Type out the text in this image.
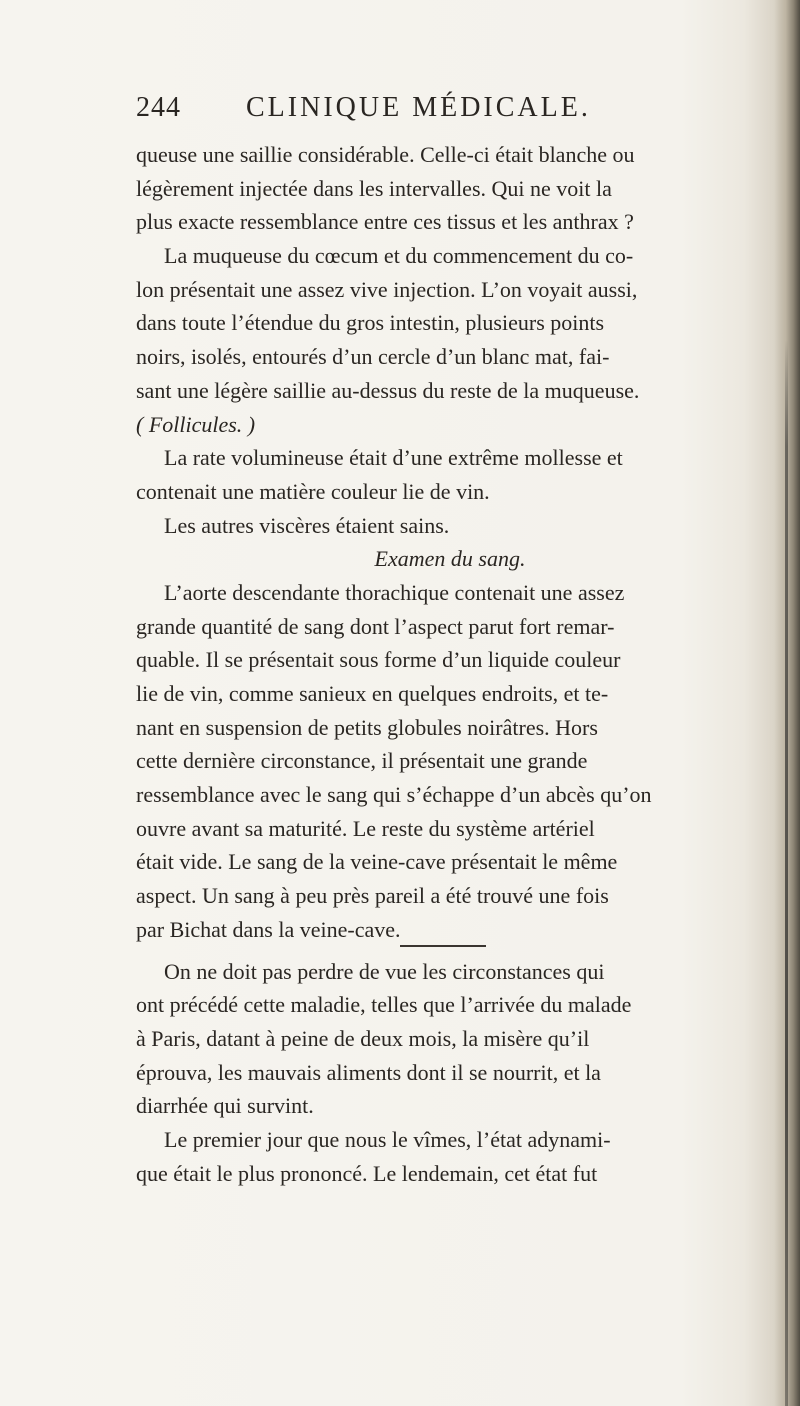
244 CLINIQUE MÉDICALE.
queuse une saillie considérable. Celle-ci était blanche ou
légèrement injectée dans les intervalles. Qui ne voit la
plus exacte ressemblance entre ces tissus et les anthrax ?
La muqueuse du cœcum et du commencement du co-
lon présentait une assez vive injection. L’on voyait aussi,
dans toute l’étendue du gros intestin, plusieurs points
noirs, isolés, entourés d’un cercle d’un blanc mat, fai-
sant une légère saillie au-dessus du reste de la muqueuse.
( Follicules. )
La rate volumineuse était d’une extrême mollesse et
contenait une matière couleur lie de vin.
Les autres viscères étaient sains.
Examen du sang.
L’aorte descendante thorachique contenait une assez
grande quantité de sang dont l’aspect parut fort remar-
quable. Il se présentait sous forme d’un liquide couleur
lie de vin, comme sanieux en quelques endroits, et te-
nant en suspension de petits globules noirâtres. Hors
cette dernière circonstance, il présentait une grande
ressemblance avec le sang qui s’échappe d’un abcès qu’on
ouvre avant sa maturité. Le reste du système artériel
était vide. Le sang de la veine-cave présentait le même
aspect. Un sang à peu près pareil a été trouvé une fois
par Bichat dans la veine-cave.
On ne doit pas perdre de vue les circonstances qui
ont précédé cette maladie, telles que l’arrivée du malade
à Paris, datant à peine de deux mois, la misère qu’il
éprouva, les mauvais aliments dont il se nourrit, et la
diarrhée qui survint.
Le premier jour que nous le vîmes, l’état adynami-
que était le plus prononcé. Le lendemain, cet état fut
